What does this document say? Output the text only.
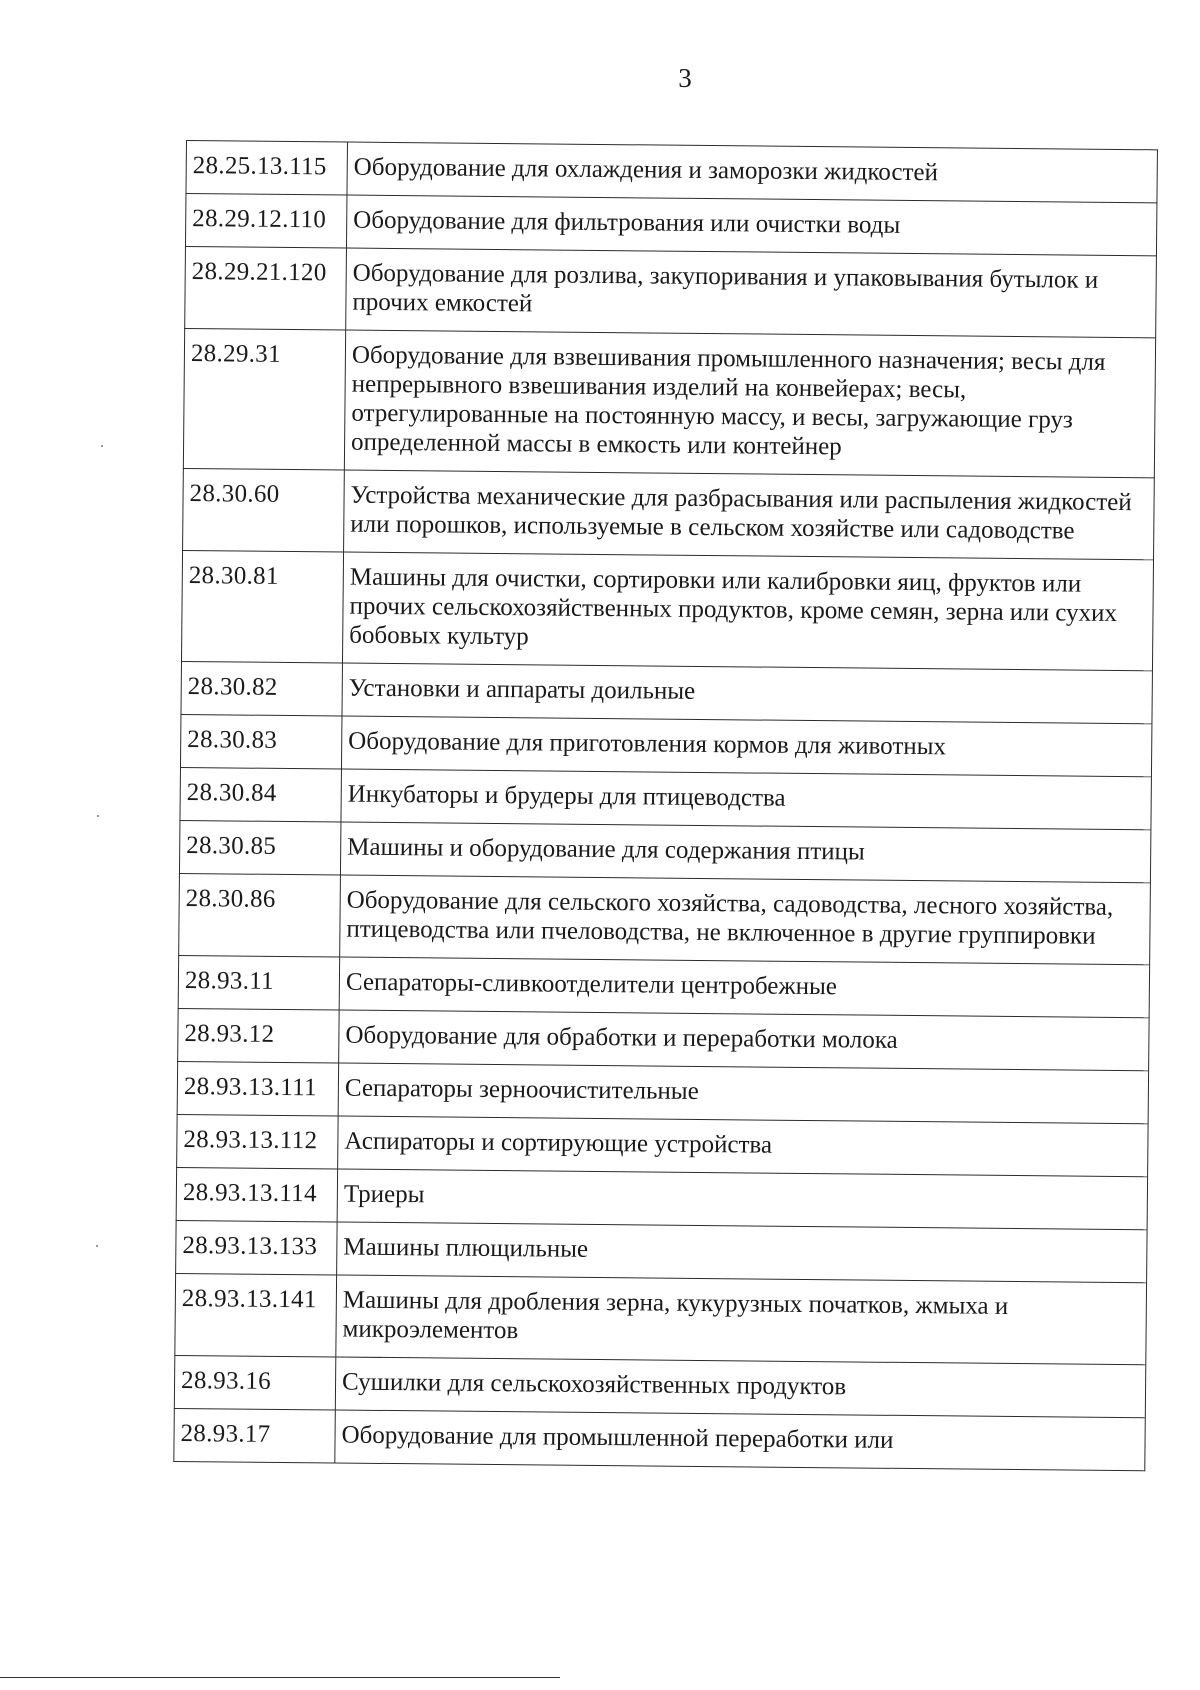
3
28.25.13.115	Оборудование для охлаждения и заморозки жидкостей
28.29.12.110	Оборудование для фильтрования или очистки воды
28.29.21.120	Оборудование для розлива, закупоривания и упаковывания бутылок и прочих емкостей
28.29.31	Оборудование для взвешивания промышленного назначения; весы для непрерывного взвешивания изделий на конвейерах; весы, отрегулированные на постоянную массу, и весы, загружающие груз определенной массы в емкость или контейнер
28.30.60	Устройства механические для разбрасывания или распыления жидкостей или порошков, используемые в сельском хозяйстве или садоводстве
28.30.81	Машины для очистки, сортировки или калибровки яиц, фруктов или прочих сельскохозяйственных продуктов, кроме семян, зерна или сухих бобовых культур
28.30.82	Установки и аппараты доильные
28.30.83	Оборудование для приготовления кормов для животных
28.30.84	Инкубаторы и брудеры для птицеводства
28.30.85	Машины и оборудование для содержания птицы
28.30.86	Оборудование для сельского хозяйства, садоводства, лесного хозяйства, птицеводства или пчеловодства, не включенное в другие группировки
28.93.11	Сепараторы-сливкоотделители центробежные
28.93.12	Оборудование для обработки и переработки молока
28.93.13.111	Сепараторы зерноочистительные
28.93.13.112	Аспираторы и сортирующие устройства
28.93.13.114	Триеры
28.93.13.133	Машины плющильные
28.93.13.141	Машины для дробления зерна, кукурузных початков, жмыха и микроэлементов
28.93.16	Сушилки для сельскохозяйственных продуктов
28.93.17	Оборудование для промышленной переработки или
